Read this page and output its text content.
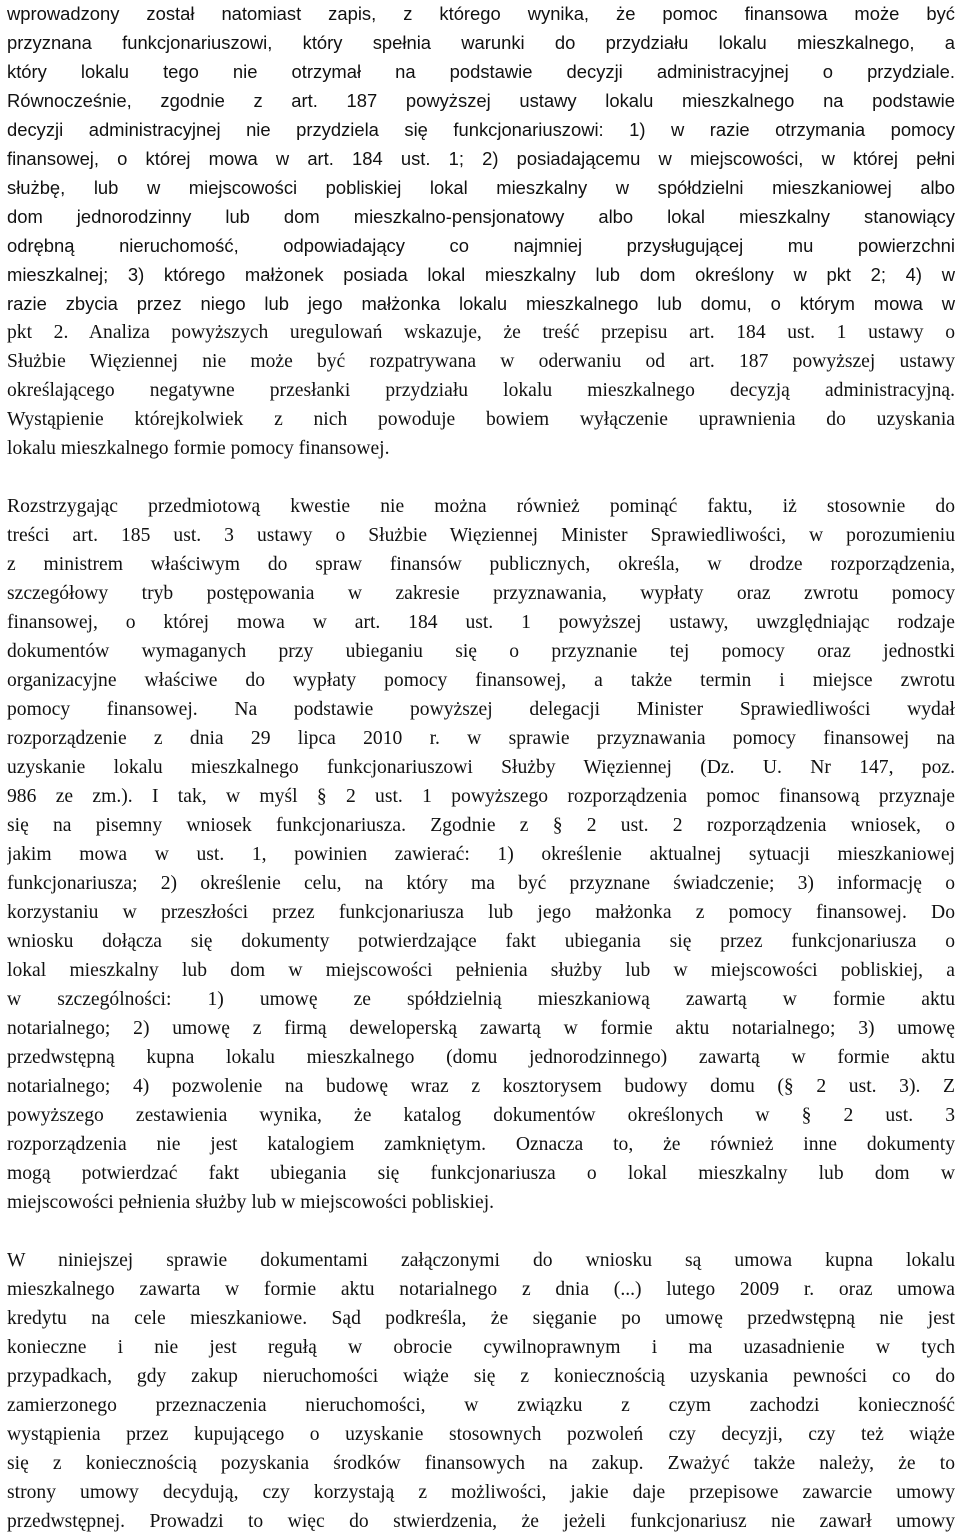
wprowadzony został natomiast zapis, z którego wynika, że pomoc finansowa może być
przyznana funkcjonariuszowi, który spełnia warunki do przydziału lokalu mieszkalnego, a
który lokalu tego nie otrzymał na podstawie decyzji administracyjnej o przydziale.
Równocześnie, zgodnie z art. 187 powyższej ustawy lokalu mieszkalnego na podstawie
decyzji administracyjnej nie przydziela się funkcjonariuszowi: 1) w razie otrzymania pomocy
finansowej, o której mowa w art. 184 ust. 1; 2) posiadającemu w miejscowości, w której pełni
służbę, lub w miejscowości pobliskiej lokal mieszkalny w spółdzielni mieszkaniowej albo
dom jednorodzinny lub dom mieszkalno-pensjonatowy albo lokal mieszkalny stanowiący
odrębną nieruchomość, odpowiadający co najmniej przysługującej mu powierzchni
mieszkalnej; 3) którego małżonek posiada lokal mieszkalny lub dom określony w pkt 2; 4) w
razie zbycia przez niego lub jego małżonka lokalu mieszkalnego lub domu, o którym mowa w
pkt 2. Analiza powyższych uregulowań wskazuje, że treść przepisu art. 184 ust. 1 ustawy o
Służbie Więziennej nie może być rozpatrywana w oderwaniu od art. 187 powyższej ustawy
określającego negatywne przesłanki przydziału lokalu mieszkalnego decyzją administracyjną.
Wystąpienie którejkolwiek z nich powoduje bowiem wyłączenie uprawnienia do uzyskania
lokalu mieszkalnego formie pomocy finansowej.
Rozstrzygając przedmiotową kwestie nie można również pominąć faktu, iż stosownie do
treści art. 185 ust. 3 ustawy o Służbie Więziennej Minister Sprawiedliwości, w porozumieniu
z ministrem właściwym do spraw finansów publicznych, określa, w drodze rozporządzenia,
szczegółowy tryb postępowania w zakresie przyznawania, wypłaty oraz zwrotu pomocy
finansowej, o której mowa w art. 184 ust. 1 powyższej ustawy, uwzględniając rodzaje
dokumentów wymaganych przy ubieganiu się o przyznanie tej pomocy oraz jednostki
organizacyjne właściwe do wypłaty pomocy finansowej, a także termin i miejsce zwrotu
pomocy finansowej. Na podstawie powyższej delegacji Minister Sprawiedliwości wydał
rozporządzenie z dnia 29 lipca 2010 r. w sprawie przyznawania pomocy finansowej na
uzyskanie lokalu mieszkalnego funkcjonariuszowi Służby Więziennej (Dz. U. Nr 147, poz.
986 ze zm.). I tak, w myśl § 2 ust. 1 powyższego rozporządzenia pomoc finansową przyznaje
się na pisemny wniosek funkcjonariusza. Zgodnie z § 2 ust. 2 rozporządzenia wniosek, o
jakim mowa w ust. 1, powinien zawierać: 1) określenie aktualnej sytuacji mieszkaniowej
funkcjonariusza; 2) określenie celu, na który ma być przyznane świadczenie; 3) informację o
korzystaniu w przeszłości przez funkcjonariusza lub jego małżonka z pomocy finansowej. Do
wniosku dołącza się dokumenty potwierdzające fakt ubiegania się przez funkcjonariusza o
lokal mieszkalny lub dom w miejscowości pełnienia służby lub w miejscowości pobliskiej, a
w szczególności: 1) umowę ze spółdzielnią mieszkaniową zawartą w formie aktu
notarialnego; 2) umowę z firmą deweloperską zawartą w formie aktu notarialnego; 3) umowę
przedwstępną kupna lokalu mieszkalnego (domu jednorodzinnego) zawartą w formie aktu
notarialnego; 4) pozwolenie na budowę wraz z kosztorysem budowy domu (§ 2 ust. 3). Z
powyższego zestawienia wynika, że katalog dokumentów określonych w § 2 ust. 3
rozporządzenia nie jest katalogiem zamkniętym. Oznacza to, że również inne dokumenty
mogą potwierdzać fakt ubiegania się funkcjonariusza o lokal mieszkalny lub dom w
miejscowości pełnienia służby lub w miejscowości pobliskiej.
W niniejszej sprawie dokumentami załączonymi do wniosku są umowa kupna lokalu
mieszkalnego zawarta w formie aktu notarialnego z dnia (...) lutego 2009 r. oraz umowa
kredytu na cele mieszkaniowe. Sąd podkreśla, że sięganie po umowę przedwstępną nie jest
konieczne i nie jest regułą w obrocie cywilnoprawnym i ma uzasadnienie w tych
przypadkach, gdy zakup nieruchomości wiąże się z koniecznością uzyskania pewności co do
zamierzonego przeznaczenia nieruchomości, w związku z czym zachodzi konieczność
wystąpienia przez kupującego o uzyskanie stosownych pozwoleń czy decyzji, czy też wiąże
się z koniecznością pozyskania środków finansowych na zakup. Zważyć także należy, że to
strony umowy decydują, czy korzystają z możliwości, jakie daje przepisowe zawarcie umowy
przedwstępnej. Prowadzi to więc do stwierdzenia, że jeżeli funkcjonariusz nie zawarł umowy
